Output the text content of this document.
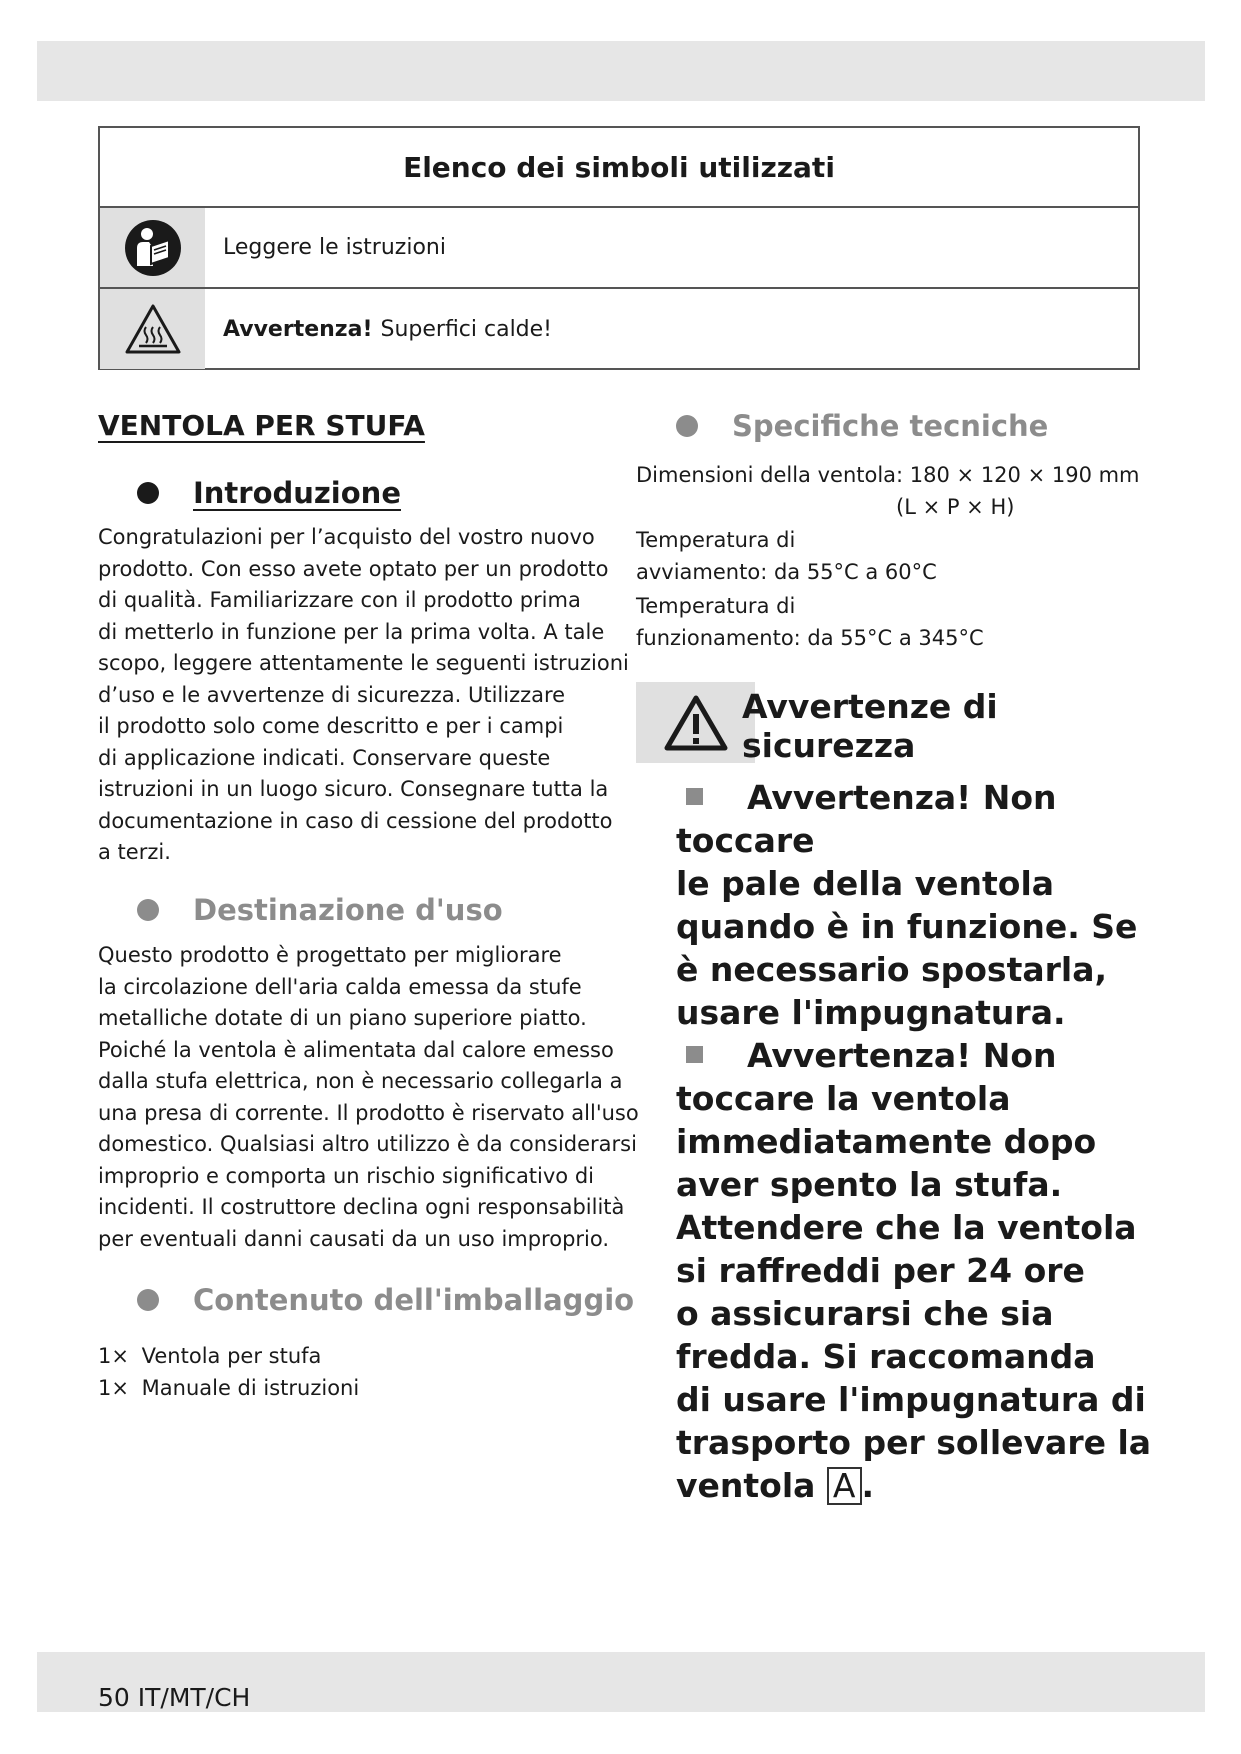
Elenco dei simboli utilizzati
Leggere le istruzioni
Avvertenza! Superfici calde!
VENTOLA PER STUFA
Introduzione
Congratulazioni per l’acquisto del vostro nuovo
prodotto. Con esso avete optato per un prodotto
di qualità. Familiarizzare con il prodotto prima
di metterlo in funzione per la prima volta. A tale
scopo, leggere attentamente le seguenti istruzioni
d’uso e le avvertenze di sicurezza. Utilizzare
il prodotto solo come descritto e per i campi
di applicazione indicati. Conservare queste
istruzioni in un luogo sicuro. Consegnare tutta la
documentazione in caso di cessione del prodotto
a terzi.
Destinazione d'uso
Questo prodotto è progettato per migliorare
la circolazione dell'aria calda emessa da stufe
metalliche dotate di un piano superiore piatto.
Poiché la ventola è alimentata dal calore emesso
dalla stufa elettrica, non è necessario collegarla a
una presa di corrente. Il prodotto è riservato all'uso
domestico. Qualsiasi altro utilizzo è da considerarsi
improprio e comporta un rischio significativo di
incidenti. Il costruttore declina ogni responsabilità
per eventuali danni causati da un uso improprio.
Contenuto dell'imballaggio
1× Ventola per stufa
1× Manuale di istruzioni
Specifiche tecniche
Dimensioni della ventola: 180 × 120 × 190 mm
(L × P × H)
Temperatura di
avviamento: da 55°C a 60°C
Temperatura di
funzionamento: da 55°C a 345°C
Avvertenze di
sicurezza
Avvertenza! Non toccare
le pale della ventola
quando è in funzione. Se
è necessario spostarla,
usare l'impugnatura.
Avvertenza! Non
toccare la ventola
immediatamente dopo
aver spento la stufa.
Attendere che la ventola
si raffreddi per 24 ore
o assicurarsi che sia
fredda. Si raccomanda
di usare l'impugnatura di
trasporto per sollevare la
ventola A .
50 IT/MT/CH
